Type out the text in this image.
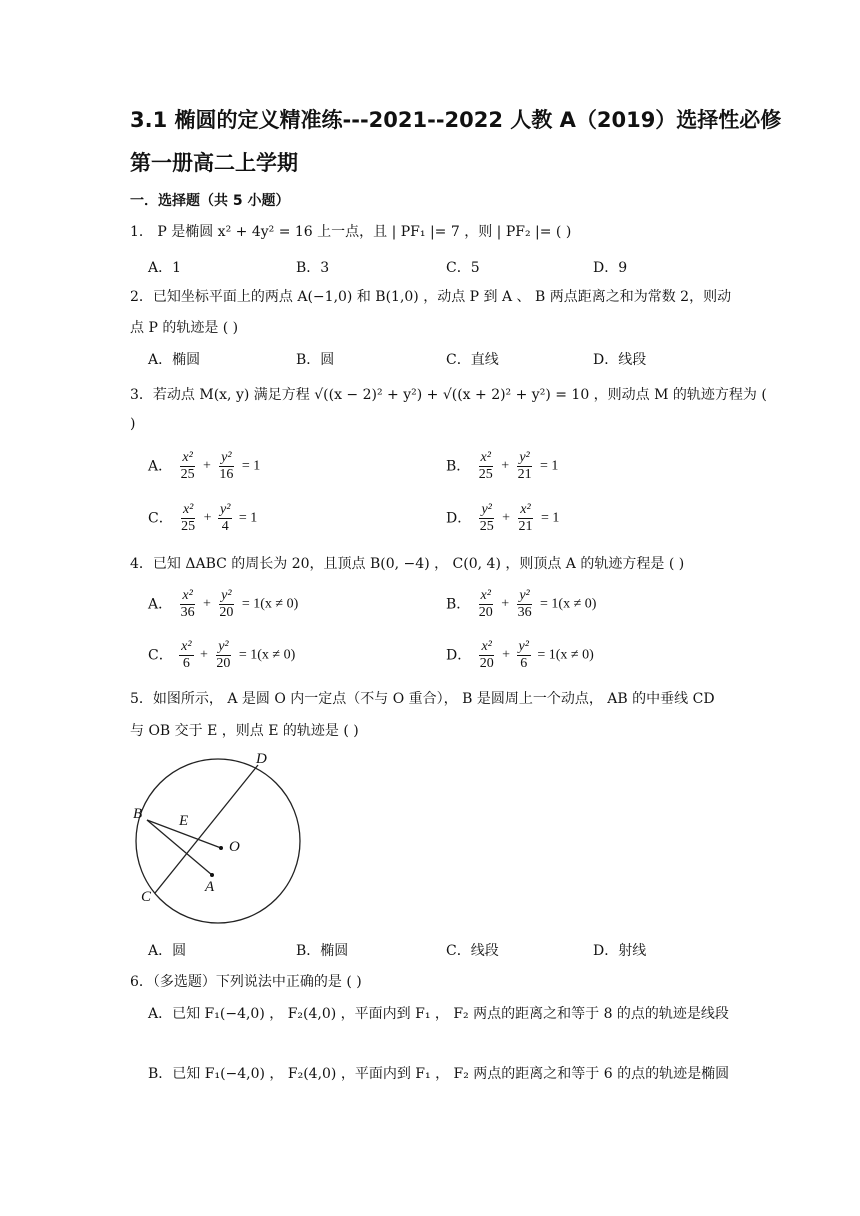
3.1 椭圆的定义精准练---2021--2022 人教 A（2019）选择性必修
第一册高二上学期
一．选择题（共 5 小题）
1． P 是椭圆 x² + 4y² = 16 上一点，且 | PF₁ |= 7 ，则 | PF₂ |= ( )
A．1	B．3	C．5	D．9
2．已知坐标平面上的两点 A(−1,0) 和 B(1,0) ，动点 P 到 A 、 B 两点距离之和为常数 2，则动
点 P 的轨迹是 ( )
A．椭圆	B．圆	C．直线	D．线段
3．若动点 M(x, y) 满足方程 √((x − 2)² + y²) + √((x + 2)² + y²) = 10 ，则动点 M 的轨迹方程为 (
)
A． $\frac{\text{x²}}{25} + \frac{\text{y²}}{16} = 1$	B． $\frac{\text{x²}}{25} + \frac{\text{y²}}{21} = 1$
C． $\frac{\text{x²}}{25} + \frac{\text{y²}}{4} = 1$	D． $\frac{\text{y²}}{25} + \frac{\text{x²}}{21} = 1$
4．已知 ΔABC 的周长为 20，且顶点 B(0, −4) ， C(0, 4) ，则顶点 A 的轨迹方程是 ( )
A． $\frac{\text{x²}}{36} + \frac{\text{y²}}{20} = 1(x \ne 0)$	B． $\frac{\text{x²}}{20} + \frac{\text{y²}}{36} = 1(x \ne 0)$
C． $\frac{\text{x²}}{6} + \frac{\text{y²}}{20} = 1(x \ne 0)$	D． $\frac{\text{x²}}{20} + \frac{\text{y²}}{6} = 1(x \ne 0)$
5．如图所示， A 是圆 O 内一定点（不与 O 重合）， B 是圆周上一个动点， AB 的中垂线 CD
与 OB 交于 E ，则点 E 的轨迹是 ( )
B
C
D
E
O
A
A．圆	B．椭圆	C．线段	D．射线
6．（多选题）下列说法中正确的是 ( )
A．已知 F₁(−4,0) ， F₂(4,0) ，平面内到 F₁ ， F₂ 两点的距离之和等于 8 的点的轨迹是线段
B．已知 F₁(−4,0) ， F₂(4,0) ，平面内到 F₁ ， F₂ 两点的距离之和等于 6 的点的轨迹是椭圆
